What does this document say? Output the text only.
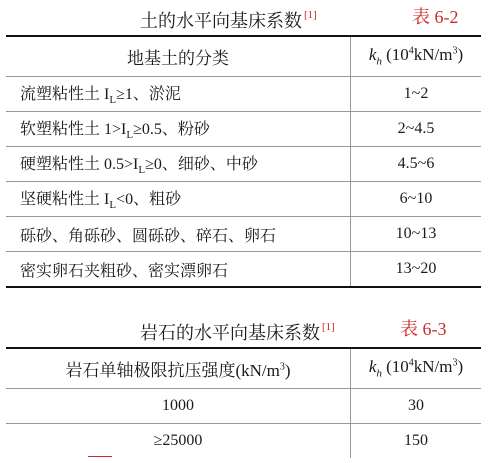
土的水平向基床系数 [1]	表 6-2
地基土的分类	$k_h$ $(10^4kN/m^3)$
流塑粘性土 $I_L\ge 1$、淤泥	1~2
软塑粘性土 $1>I_L\ge 0.5$、粉砂	2~4.5
硬塑粘性土 $0.5>I_L\ge 0$、细砂、中砂	4.5~6
坚硬粘性土 $I_L<0$、粗砂	6~10
砾砂、角砾砂、圆砾砂、碎石、卵石	10~13
密实卵石夹粗砂、密实漂卵石	13~20
岩石的水平向基床系数 [1]	表 6-3
岩石单轴极限抗压强度$(kN/m^3)$	$k_h$ $(10^4kN/m^3)$
1000	30
≥25000	150
